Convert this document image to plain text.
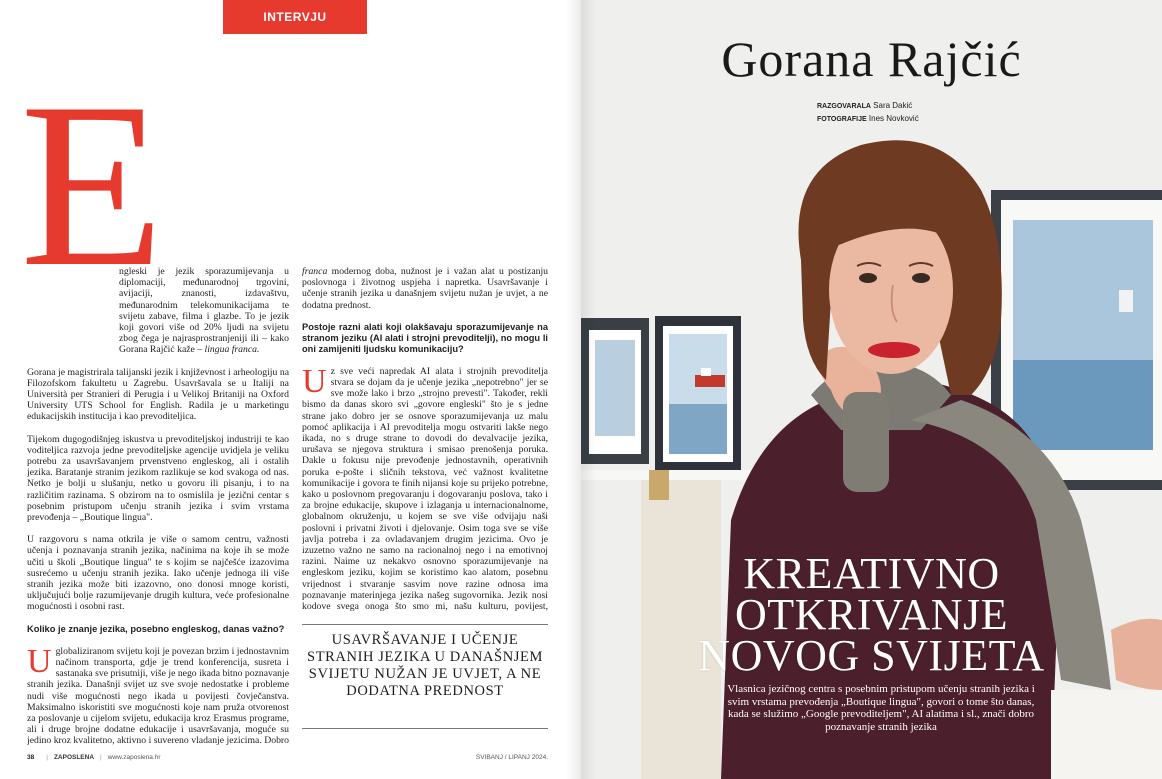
INTERVJU
E

ngleski je jezik sporazumijevanja u diplomaciji, međunarodnoj trgovini, avijaciji, znanosti, izdavaštvu, međunarodnim telekomunikacijama te svijetu zabave, filma i glazbe. To je jezik koji govori više od 20% ljudi na svijetu zbog čega je najrasprostranjeniji ili – kako Gorana Rajčić kaže – lingua franca.

Gorana je magistrirala talijanski jezik i književnost i arheologiju na Filozofskom fakultetu u Zagrebu. Usavršavala se u Italiji na Università per Stranieri di Perugia i u Velikoj Britaniji na Oxford University UTS School for English. Radila je u marketingu edukacijskih institucija i kao prevoditeljica.

Tijekom dugogodišnjeg iskustva u prevoditeljskoj industriji te kao voditeljica razvoja jedne prevoditeljske agencije uvidjela je veliku potrebu za usavršavanjem prvenstveno engleskog, ali i ostalih jezika. Baratanje stranim jezikom razlikuje se kod svakoga od nas. Netko je bolji u slušanju, netko u govoru ili pisanju, i to na različitim razinama. S obzirom na to osmislila je jezični centar s posebnim pristupom učenju stranih jezika i svim vrstama prevođenja – „Boutique lingua".

U razgovoru s nama otkrila je više o samom centru, važnosti učenja i poznavanja stranih jezika, načinima na koje ih se može učiti u školi „Boutique lingua" te s kojim se najčešće izazovima susrećemo u učenju stranih jezika. Iako učenje jednoga ili više stranih jezika može biti izazovno, ono donosi mnoge koristi, uključujući bolje razumijevanje drugih kultura, veće profesionalne mogućnosti i osobni rast.

Koliko je znanje jezika, posebno engleskog, danas važno?

U globaliziranom svijetu koji je povezan brzim i jednostavnim načinom transporta, gdje je trend konferencija, susreta i sastanaka sve prisutniji, više je nego ikada bitno poznavanje stranih jezika. Današnji svijet uz sve svoje nedostatke i probleme nudi više mogućnosti nego ikada u povijesti čovječanstva. Maksimalno iskoristiti sve mogućnosti koje nam pruža otvorenost za poslovanje u cijelom svijetu, edukacija kroz Erasmus programe, ali i druge brojne dodatne edukacije i usavršavanja, moguće su jedino kroz kvalitetno, aktivno i suvereno vladanje jezicima. Dobro

franca modernog doba, nužnost je i važan alat u postizanju poslovnoga i životnog uspjeha i napretka. Usavršavanje i učenje stranih jezika u današnjem svijetu nužan je uvjet, a ne dodatna prednost.

Postoje razni alati koji olakšavaju sporazumijevanje na stranom jeziku (AI alati i strojni prevoditelji), no mogu li oni zamijeniti ljudsku komunikaciju?

U z sve veći napredak AI alata i strojnih prevoditelja stvara se dojam da je učenje jezika „nepotrebno" jer se sve može lako i brzo „strojno prevesti". Također, rekli bismo da danas skoro svi „govore engleski" što je s jedne strane jako dobro jer se osnove sporazumijevanja uz malu pomoć aplikacija i AI prevoditelja mogu ostvariti lakše nego ikada, no s druge strane to dovodi do devalvacije jezika, urušava se njegova struktura i smisao prenošenja poruka. Dakle u fokusu nije prevođenje jednostavnih, operativnih poruka e-pošte i sličnih tekstova, već važnost kvalitetne komunikacije i govora te finih nijansi koje su prijeko potrebne, kako u poslovnom pregovaranju i dogovaranju poslova, tako i za brojne edukacije, skupove i izlaganja u internacionalnome, globalnom okruženju, u kojem se sve više odvijaju naši poslovni i privatni životi i djelovanje. Osim toga sve se više javlja potreba i za ovladavanjem drugim jezicima. Ovo je izuzetno važno ne samo na racionalnoj nego i na emotivnoj razini. Naime uz nekakvo osnovno sporazumijevanje na engleskom jeziku, kojim se koristimo kao alatom, posebnu vrijednost i stvaranje sasvim nove razine odnosa ima poznavanje materinjega jezika našeg sugovornika. Jezik nosi kodove svega onoga što smo mi, našu kulturu, povijest,

USAVRŠAVANJE I UČENJE STRANIH JEZIKA U DANAŠNJEM SVIJETU NUŽAN JE UVJET, A NE DODATNA PREDNOST
38 | ZAPOSLENA | www.zaposlena.hr	SVIBANJ / LIPANJ 2024.
Gorana Rajčić
RAZGOVARALA Sara Dakić
FOTOGRAFIJE Ines Novković
KREATIVNO
OTKRIVANJE
NOVOG SVIJETA
Vlasnica jezičnog centra s posebnim pristupom učenju stranih jezika i svim vrstama prevođenja „Boutique lingua", govori o tome što danas, kada se služimo „Google prevoditeljem", AI alatima i sl., znači dobro poznavanje stranih jezika
